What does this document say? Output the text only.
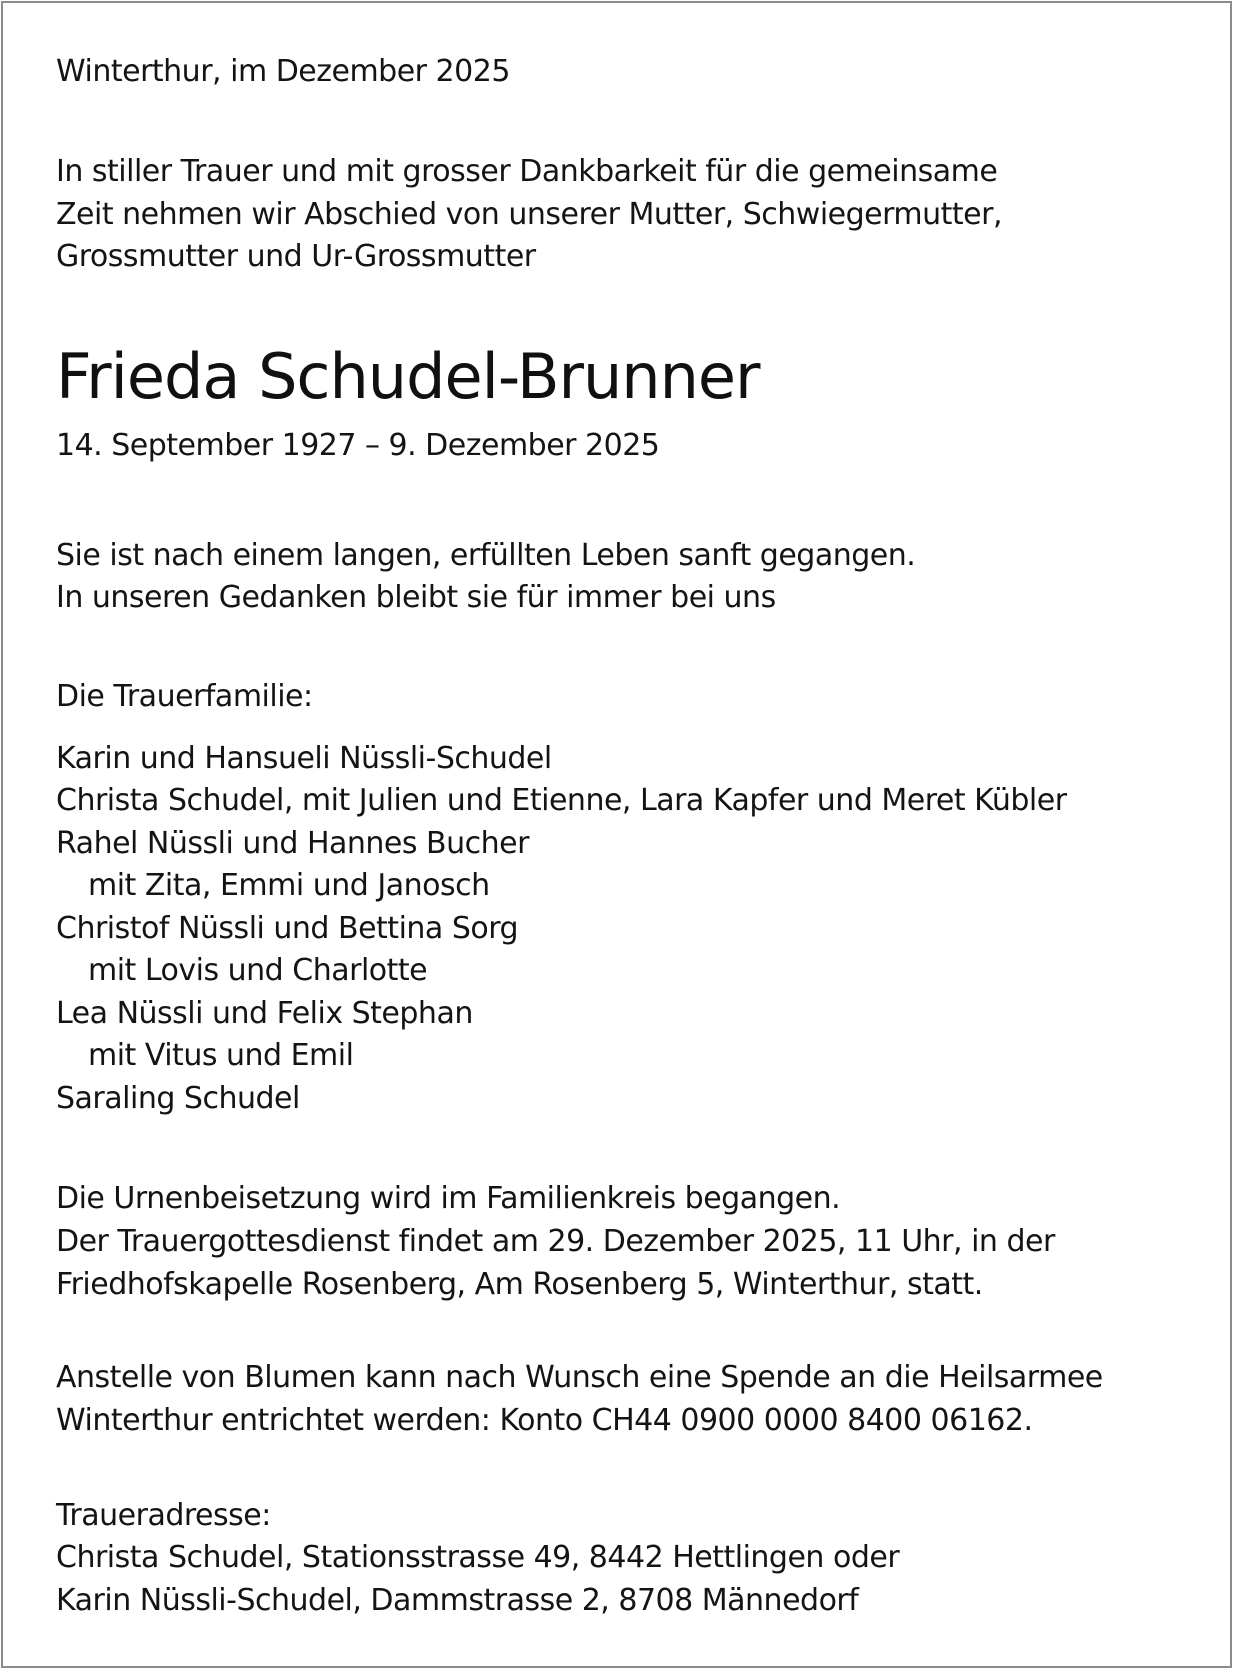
Winterthur, im Dezember 2025
In stiller Trauer und mit grosser Dankbarkeit für die gemeinsame
Zeit nehmen wir Abschied von unserer Mutter, Schwiegermutter,
Grossmutter und Ur-Grossmutter
Frieda Schudel-Brunner
14. September 1927 – 9. Dezember 2025
Sie ist nach einem langen, erfüllten Leben sanft gegangen.
In unseren Gedanken bleibt sie für immer bei uns
Die Trauerfamilie:
Karin und Hansueli Nüssli-Schudel
Christa Schudel, mit Julien und Etienne, Lara Kapfer und Meret Kübler
Rahel Nüssli und Hannes Bucher
mit Zita, Emmi und Janosch
Christof Nüssli und Bettina Sorg
mit Lovis und Charlotte
Lea Nüssli und Felix Stephan
mit Vitus und Emil
Saraling Schudel
Die Urnenbeisetzung wird im Familienkreis begangen.
Der Trauergottesdienst findet am 29. Dezember 2025, 11 Uhr, in der
Friedhofskapelle Rosenberg, Am Rosenberg 5, Winterthur, statt.
Anstelle von Blumen kann nach Wunsch eine Spende an die Heilsarmee
Winterthur entrichtet werden: Konto CH44 0900 0000 8400 06162.
Traueradresse:
Christa Schudel, Stationsstrasse 49, 8442 Hettlingen oder
Karin Nüssli-Schudel, Dammstrasse 2, 8708 Männedorf
